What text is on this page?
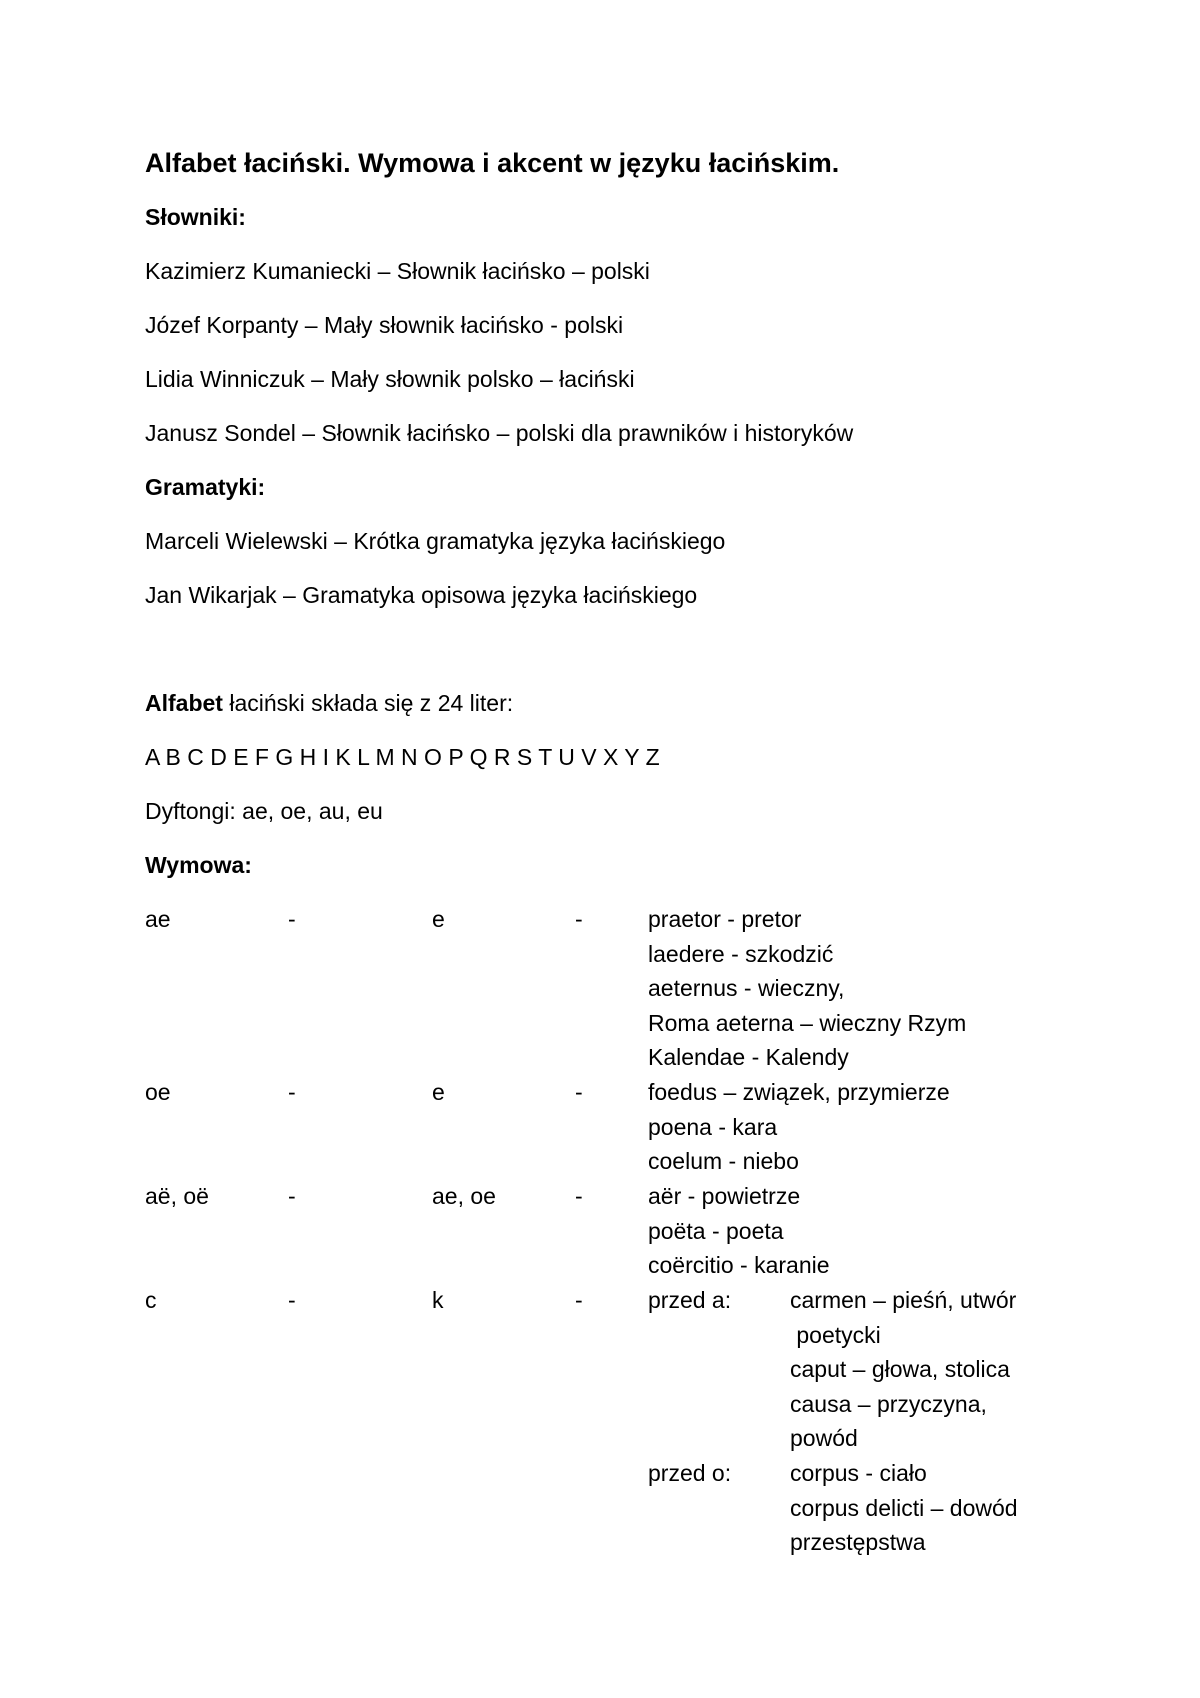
Alfabet łaciński. Wymowa i akcent w języku łacińskim.
Słowniki:
Kazimierz Kumaniecki – Słownik łacińsko – polski
Józef Korpanty – Mały słownik łacińsko - polski
Lidia Winniczuk – Mały słownik polsko – łaciński
Janusz Sondel – Słownik łacińsko – polski dla prawników i historyków
Gramatyki:
Marceli Wielewski – Krótka gramatyka języka łacińskiego
Jan Wikarjak – Gramatyka opisowa języka łacińskiego
Alfabet łaciński składa się z 24 liter:
A B C D E F G H I K L M N O P Q R S T U V X Y Z
Dyftongi: ae, oe, au, eu
Wymowa:
ae	-	e	-	praetor - pretor
laedere - szkodzić
aeternus - wieczny,
Roma aeterna – wieczny Rzym
Kalendae - Kalendy
oe	-	e	-	foedus – związek, przymierze
poena - kara
coelum - niebo
aë, oë	-	ae, oe	-	aër - powietrze
poëta - poeta
coërcitio - karanie
c	-	k	-	przed a:	carmen – pieśń, utwór
poetycki
caput – głowa, stolica
causa – przyczyna,
powód
przed o:	corpus - ciało
corpus delicti – dowód
przestępstwa
